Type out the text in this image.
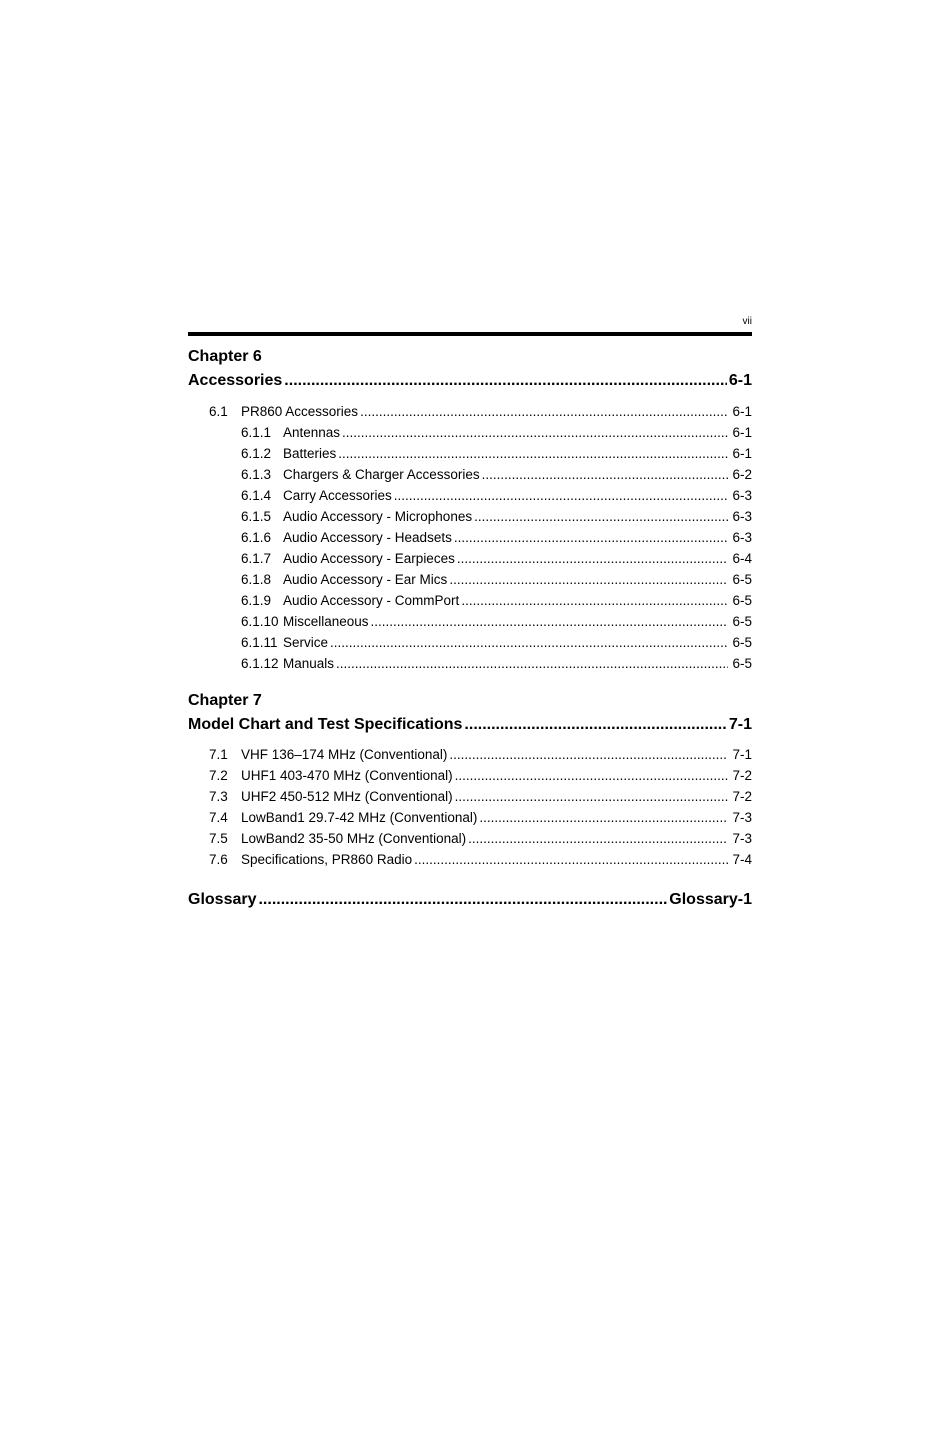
vii
Chapter 6
Accessories .....	6-1
6.1 PR860 Accessories .....	6-1
6.1.1 Antennas .....	6-1
6.1.2 Batteries .....	6-1
6.1.3 Chargers & Charger Accessories .....	6-2
6.1.4 Carry Accessories .....	6-3
6.1.5 Audio Accessory - Microphones .....	6-3
6.1.6 Audio Accessory - Headsets .....	6-3
6.1.7 Audio Accessory - Earpieces .....	6-4
6.1.8 Audio Accessory - Ear Mics .....	6-5
6.1.9 Audio Accessory - CommPort .....	6-5
6.1.10 Miscellaneous .....	6-5
6.1.11 Service .....	6-5
6.1.12 Manuals .....	6-5
Chapter 7
Model Chart and Test Specifications .....	7-1
7.1 VHF 136–174 MHz (Conventional) .....	7-1
7.2 UHF1 403-470 MHz (Conventional) .....	7-2
7.3 UHF2 450-512 MHz (Conventional) .....	7-2
7.4 LowBand1 29.7-42 MHz (Conventional) .....	7-3
7.5 LowBand2 35-50 MHz (Conventional) .....	7-3
7.6 Specifications, PR860 Radio .....	7-4
Glossary .....	Glossary-1
